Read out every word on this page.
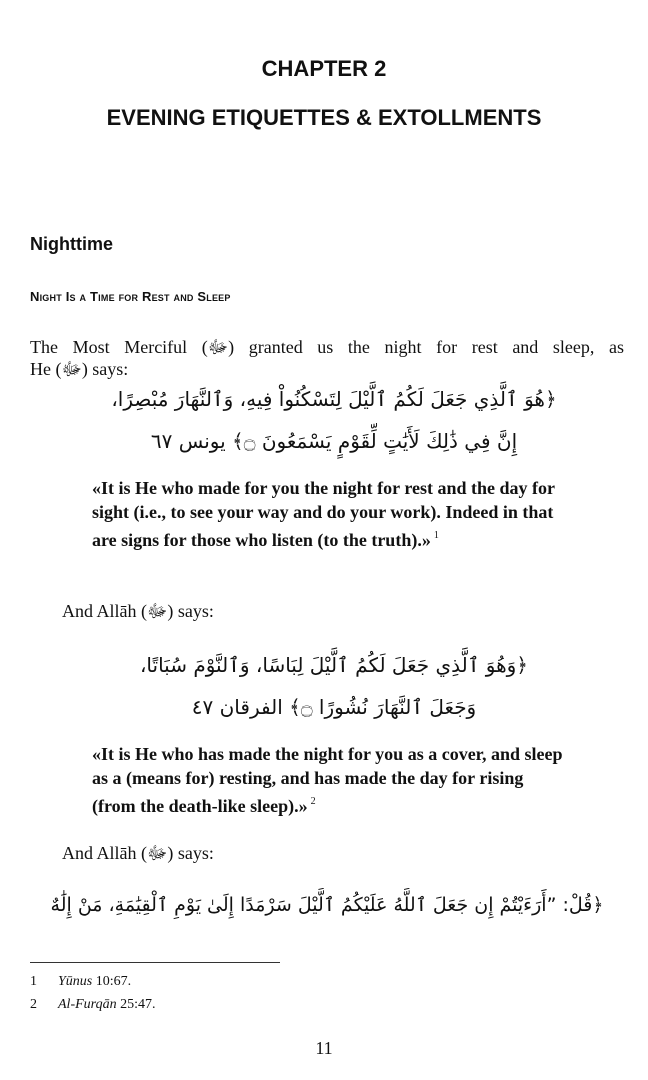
CHAPTER 2
EVENING ETIQUETTES & EXTOLLMENTS
Nighttime
Night Is a Time for Rest and Sleep
The Most Merciful (ﷻ) granted us the night for rest and sleep, as
He (ﷻ) says:
﴿هُوَ ٱلَّذِي جَعَلَ لَكُمُ ٱلَّيْلَ لِتَسْكُنُواْ فِيهِ، وَٱلنَّهَارَ مُبْصِرًا،
إِنَّ فِي ذَٰلِكَ لَأَيَٰتٍ لِّقَوْمٍ يَسْمَعُونَ ۝﴾ يونس ٦٧
«It is He who made for you the night for rest and the day for sight (i.e., to see your way and do your work). Indeed in that are signs for those who listen (to the truth).» $^1$
And Allāh (ﷻ) says:
﴿وَهُوَ ٱلَّذِي جَعَلَ لَكُمُ ٱلَّيْلَ لِبَاسًا، وَٱلنَّوْمَ سُبَاتًا،
وَجَعَلَ ٱلنَّهَارَ نُشُورًا ۝﴾ الفرقان ٤٧
«It is He who has made the night for you as a cover, and sleep as a (means for) resting, and has made the day for rising (from the death-like sleep).» $^2$
And Allāh (ﷻ) says:
﴿قُلْ: ”أَرَءَيْتُمْ إِن جَعَلَ ٱللَّهُ عَلَيْكُمُ ٱلَّيْلَ سَرْمَدًا إِلَىٰ يَوْمِ ٱلْقِيَٰمَةِ، مَنْ إِلَٰهٌ
1 Yūnus 10:67.
2 Al-Furqān 25:47.
11
